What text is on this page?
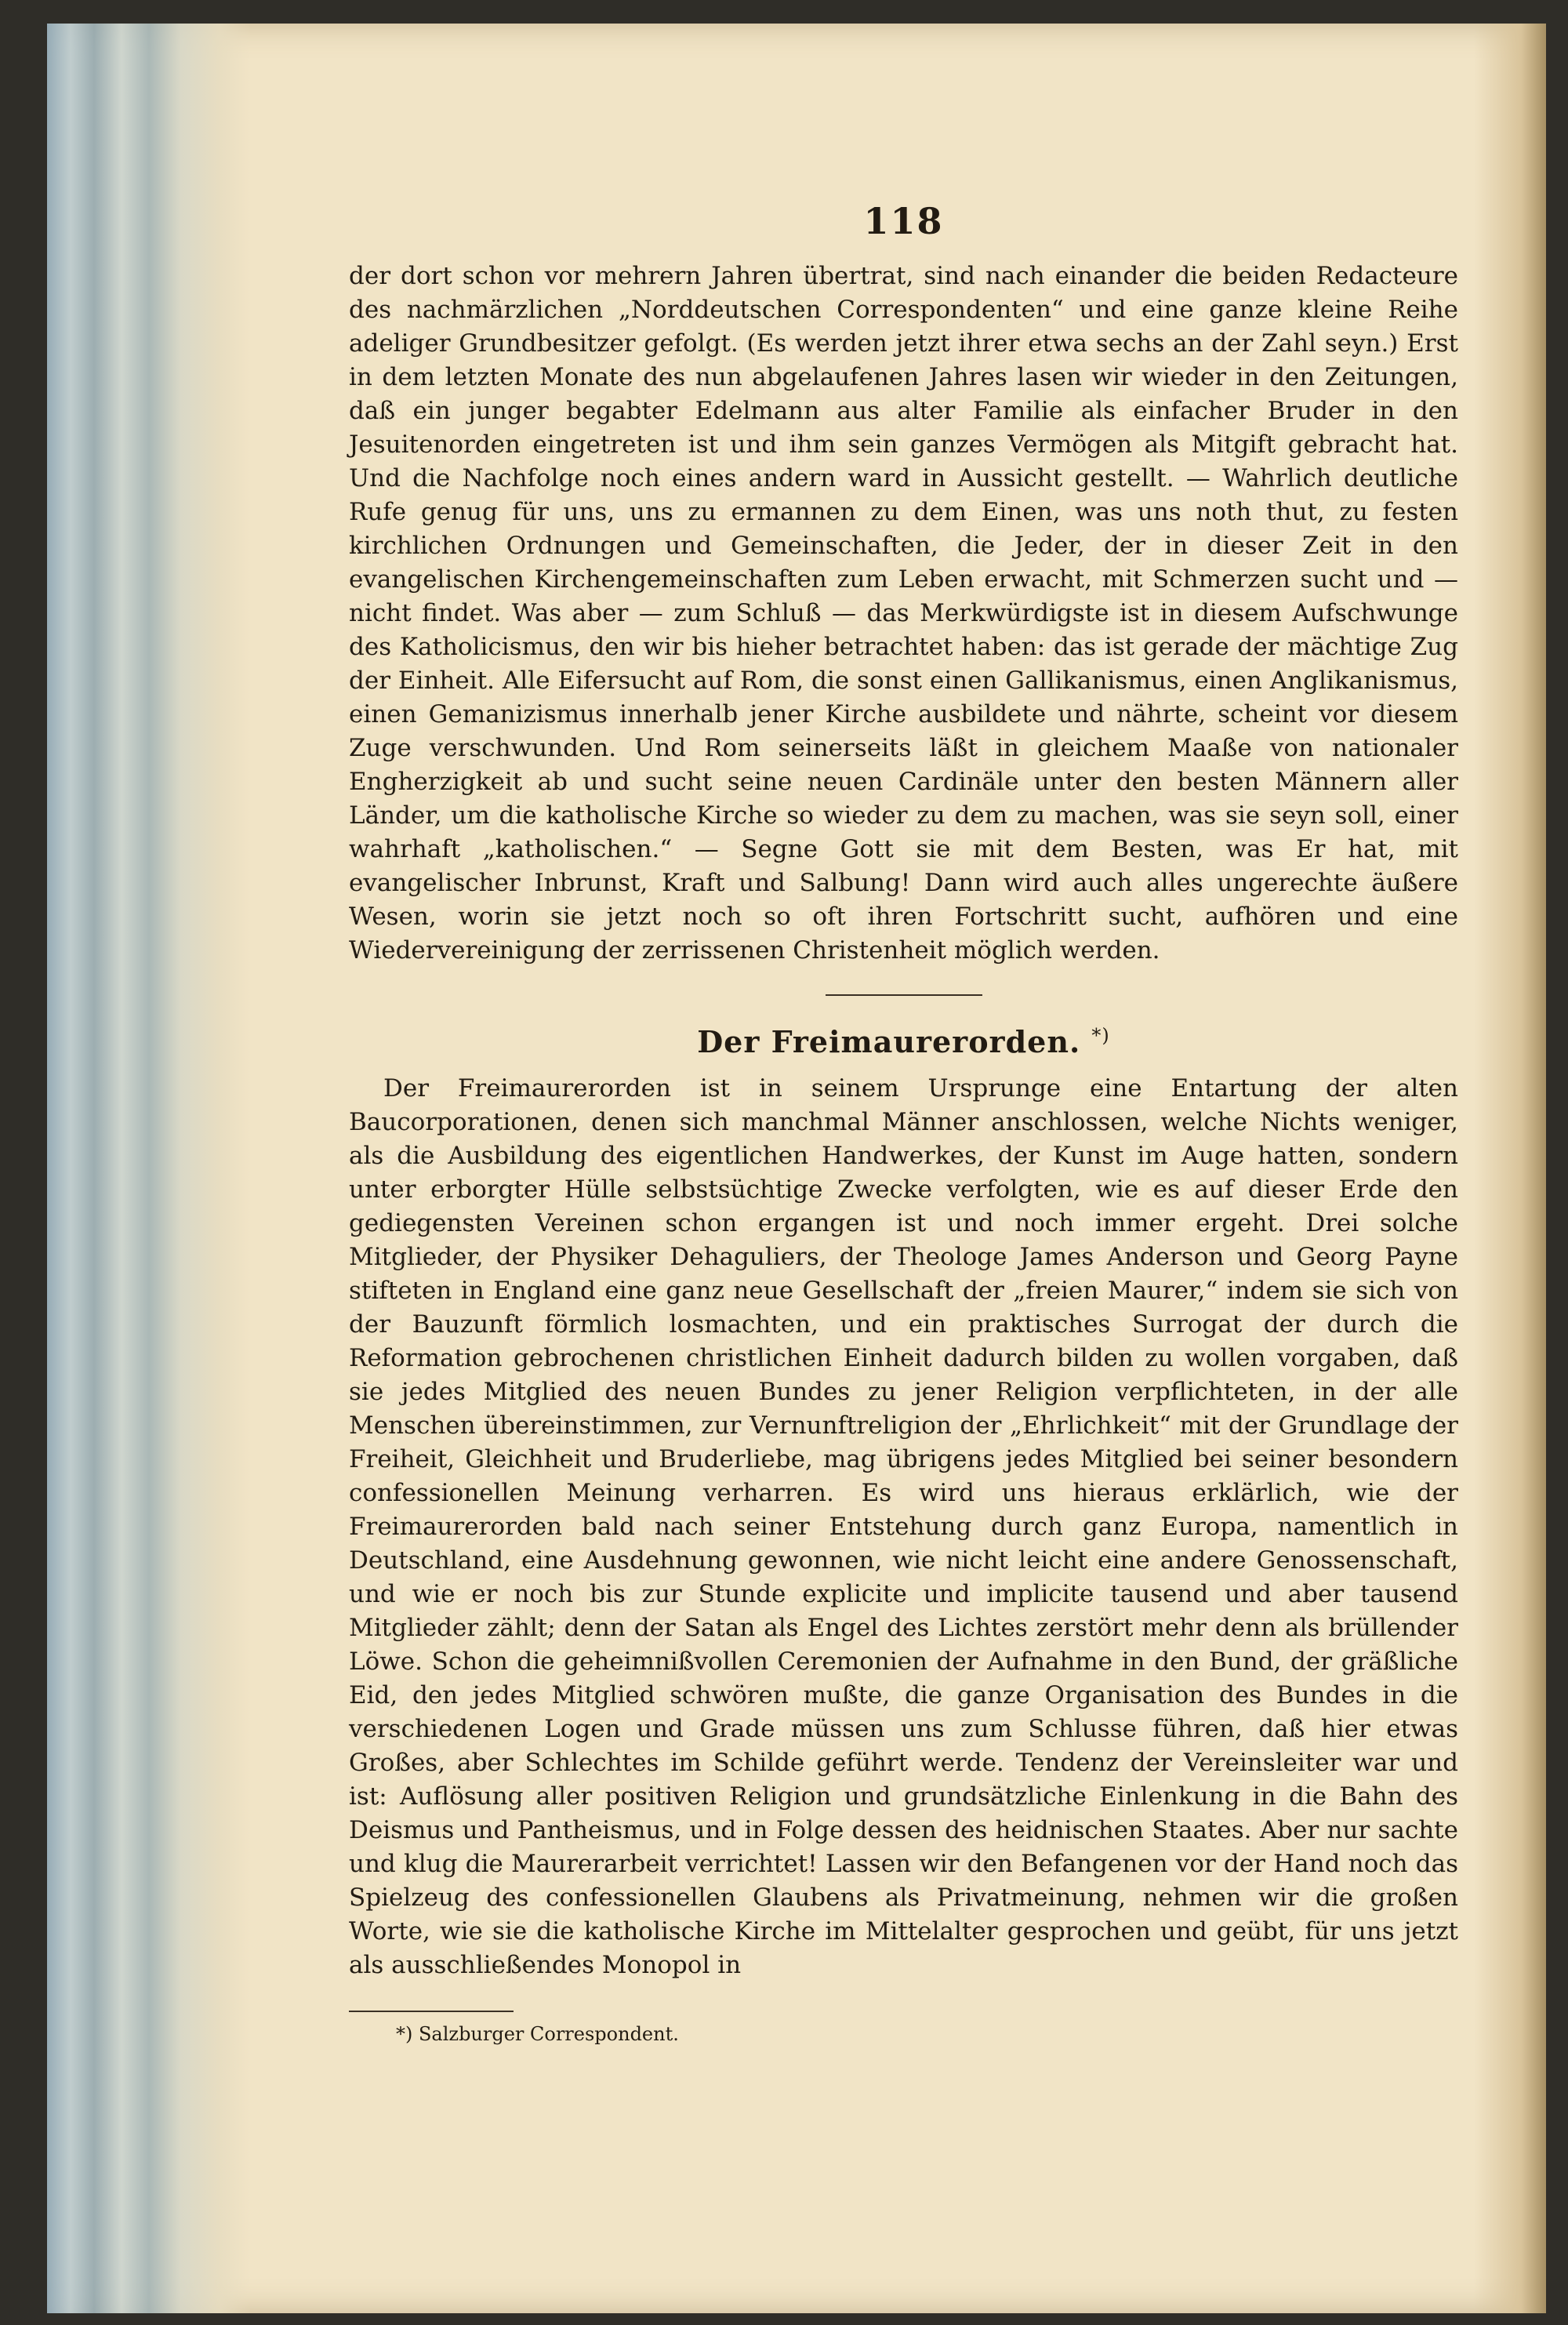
118

der dort schon vor mehrern Jahren übertrat, sind nach einander die beiden Redacteure des nachmärzlichen „Norddeutschen Correspondenten“ und eine ganze kleine Reihe adeliger Grundbesitzer gefolgt. (Es werden jetzt ihrer etwa sechs an der Zahl seyn.) Erst in dem letzten Monate des nun abgelaufenen Jahres lasen wir wieder in den Zeitungen, daß ein junger begabter Edelmann aus alter Familie als einfacher Bruder in den Jesuitenorden eingetreten ist und ihm sein ganzes Vermögen als Mitgift gebracht hat. Und die Nachfolge noch eines andern ward in Aussicht gestellt. — Wahrlich deutliche Rufe genug für uns, uns zu ermannen zu dem Einen, was uns noth thut, zu festen kirchlichen Ordnungen und Gemeinschaften, die Jeder, der in dieser Zeit in den evangelischen Kirchengemeinschaften zum Leben erwacht, mit Schmerzen sucht und — nicht findet. Was aber — zum Schluß — das Merkwürdigste ist in diesem Aufschwunge des Katholicismus, den wir bis hieher betrachtet haben: das ist gerade der mächtige Zug der Einheit. Alle Eifersucht auf Rom, die sonst einen Gallikanismus, einen Anglikanismus, einen Gemanizismus innerhalb jener Kirche ausbildete und nährte, scheint vor diesem Zuge verschwunden. Und Rom seinerseits läßt in gleichem Maaße von nationaler Engherzigkeit ab und sucht seine neuen Cardinäle unter den besten Männern aller Länder, um die katholische Kirche so wieder zu dem zu machen, was sie seyn soll, einer wahrhaft „katholischen.“ — Segne Gott sie mit dem Besten, was Er hat, mit evangelischer Inbrunst, Kraft und Salbung! Dann wird auch alles ungerechte äußere Wesen, worin sie jetzt noch so oft ihren Fortschritt sucht, aufhören und eine Wiedervereinigung der zerrissenen Christenheit möglich werden.

Der Freimaurerorden. *)

Der Freimaurerorden ist in seinem Ursprunge eine Entartung der alten Baucorporationen, denen sich manchmal Männer anschlossen, welche Nichts weniger, als die Ausbildung des eigentlichen Handwerkes, der Kunst im Auge hatten, sondern unter erborgter Hülle selbstsüchtige Zwecke verfolgten, wie es auf dieser Erde den gediegensten Vereinen schon ergangen ist und noch immer ergeht. Drei solche Mitglieder, der Physiker Dehaguliers, der Theologe James Anderson und Georg Payne stifteten in England eine ganz neue Gesellschaft der „freien Maurer,“ indem sie sich von der Bauzunft förmlich losmachten, und ein praktisches Surrogat der durch die Reformation gebrochenen christlichen Einheit dadurch bilden zu wollen vorgaben, daß sie jedes Mitglied des neuen Bundes zu jener Religion verpflichteten, in der alle Menschen übereinstimmen, zur Vernunftreligion der „Ehrlichkeit“ mit der Grundlage der Freiheit, Gleichheit und Bruderliebe, mag übrigens jedes Mitglied bei seiner besondern confessionellen Meinung verharren. Es wird uns hieraus erklärlich, wie der Freimaurerorden bald nach seiner Entstehung durch ganz Europa, namentlich in Deutschland, eine Ausdehnung gewonnen, wie nicht leicht eine andere Genossenschaft, und wie er noch bis zur Stunde explicite und implicite tausend und aber tausend Mitglieder zählt; denn der Satan als Engel des Lichtes zerstört mehr denn als brüllender Löwe. Schon die geheimnißvollen Ceremonien der Aufnahme in den Bund, der gräßliche Eid, den jedes Mitglied schwören mußte, die ganze Organisation des Bundes in die verschiedenen Logen und Grade müssen uns zum Schlusse führen, daß hier etwas Großes, aber Schlechtes im Schilde geführt werde. Tendenz der Vereinsleiter war und ist: Auflösung aller positiven Religion und grundsätzliche Einlenkung in die Bahn des Deismus und Pantheismus, und in Folge dessen des heidnischen Staates. Aber nur sachte und klug die Maurerarbeit verrichtet! Lassen wir den Befangenen vor der Hand noch das Spielzeug des confessionellen Glaubens als Privatmeinung, nehmen wir die großen Worte, wie sie die katholische Kirche im Mittelalter gesprochen und geübt, für uns jetzt als ausschließendes Monopol in

*) Salzburger Correspondent.
